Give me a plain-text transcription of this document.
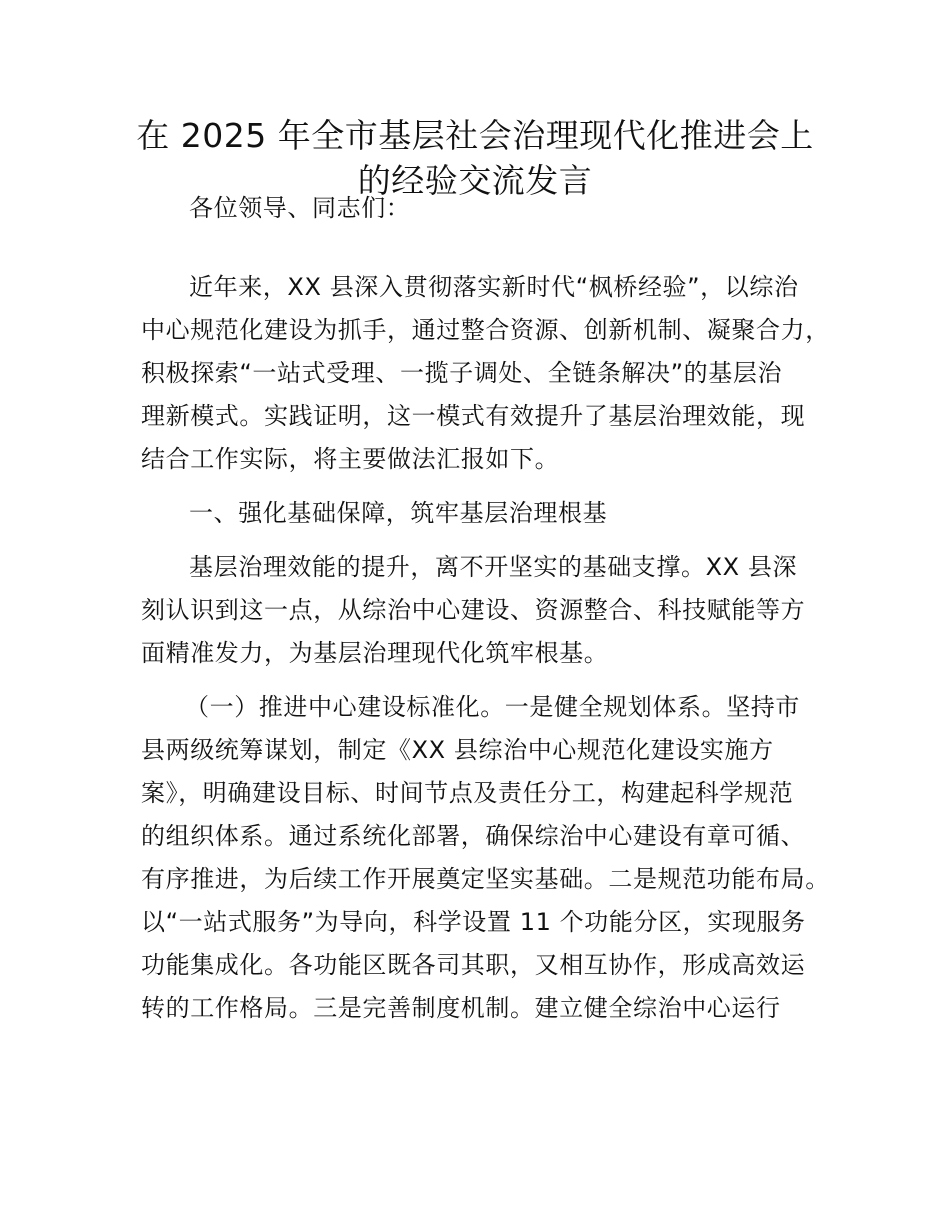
在 2025 年全市基层社会治理现代化推进会上
的经验交流发言

各位领导、同志们：

近年来，XX 县深入贯彻落实新时代“枫桥经验”，以综治

中心规范化建设为抓手，通过整合资源、创新机制、凝聚合力，

积极探索“一站式受理、一揽子调处、全链条解决”的基层治

理新模式。实践证明，这一模式有效提升了基层治理效能，现

结合工作实际，将主要做法汇报如下。

一、强化基础保障，筑牢基层治理根基

基层治理效能的提升，离不开坚实的基础支撑。XX 县深

刻认识到这一点，从综治中心建设、资源整合、科技赋能等方

面精准发力，为基层治理现代化筑牢根基。

（一）推进中心建设标准化。一是健全规划体系。坚持市

县两级统筹谋划，制定《XX 县综治中心规范化建设实施方

案》，明确建设目标、时间节点及责任分工，构建起科学规范

的组织体系。通过系统化部署，确保综治中心建设有章可循、

有序推进，为后续工作开展奠定坚实基础。二是规范功能布局。

以“一站式服务”为导向，科学设置 11 个功能分区，实现服务

功能集成化。各功能区既各司其职，又相互协作，形成高效运

转的工作格局。三是完善制度机制。建立健全综治中心运行
